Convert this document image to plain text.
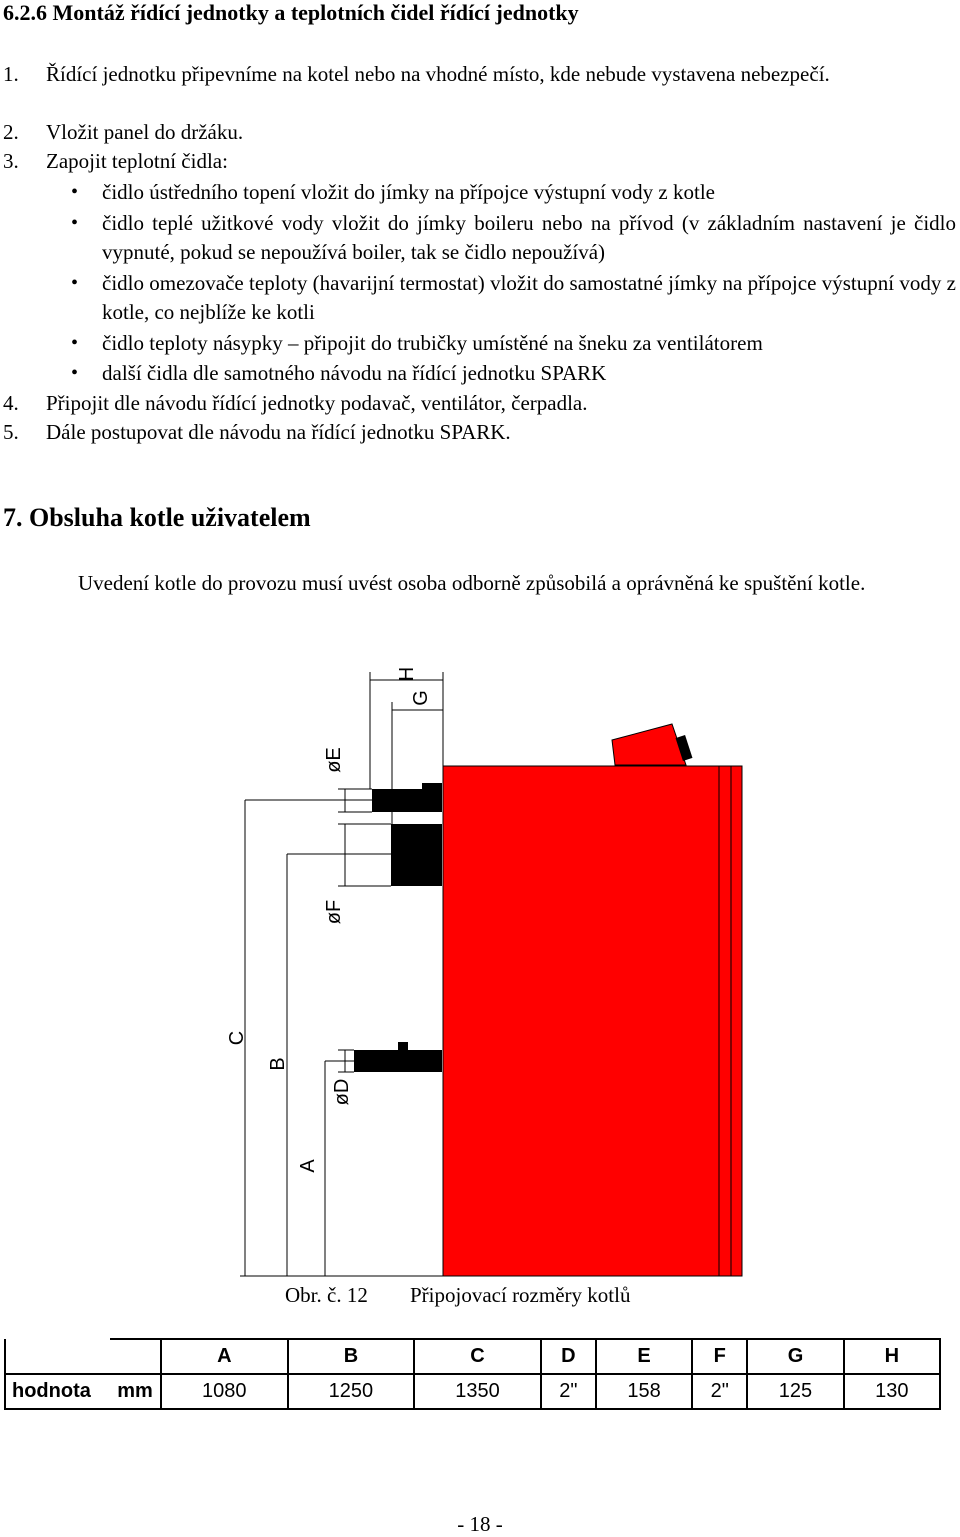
6.2.6 Montáž řídící jednotky a teplotních čidel řídící jednotky
1. Řídící jednotku připevníme na kotel nebo na vhodné místo, kde nebude vystavena nebezpečí.
2. Vložit panel do držáku.
3. Zapojit teplotní čidla:
• čidlo ústředního topení vložit do jímky na přípojce výstupní vody z kotle
• čidlo teplé užitkové vody vložit do jímky boileru nebo na přívod (v základním nastavení je čidlo vypnuté, pokud se nepoužívá boiler, tak se čidlo nepoužívá)
• čidlo omezovače teploty (havarijní termostat) vložit do samostatné jímky na přípojce výstupní vody z kotle, co nejblíže ke kotli
• čidlo teploty násypky – připojit do trubičky umístěné na šneku za ventilátorem
• další čidla dle samotného návodu na řídící jednotku SPARK
4. Připojit dle návodu řídící jednotky podavač, ventilátor, čerpadla.
5. Dále postupovat dle návodu na řídící jednotku SPARK.
7. Obsluha kotle uživatelem
Uvedení kotle do provozu musí uvést osoba odborně způsobilá a oprávněná ke spuštění kotle.
H
G
øE
øF
øD
C
B
A
Obr. č. 12 Připojovací rozměry kotlů
		A	B	C	D	E	F	G	H
hodnota	mm	1080	1250	1350	2"	158	2"	125	130
- 18 -
